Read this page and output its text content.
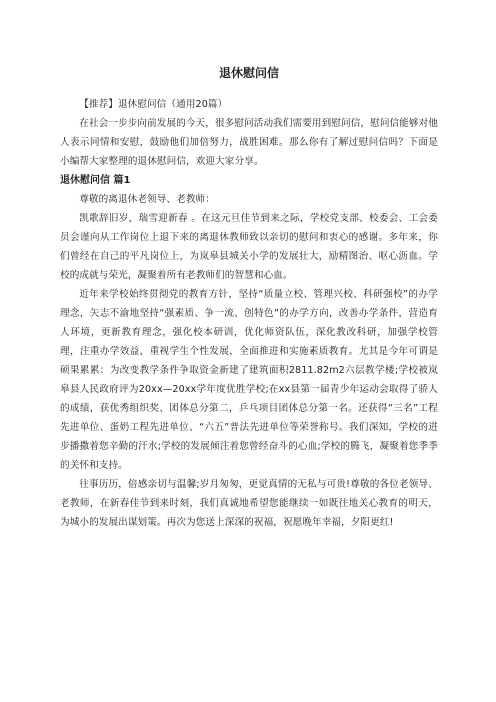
退休慰问信

【推荐】退休慰问信（通用20篇）

在社会一步步向前发展的今天，很多慰问活动我们需要用到慰问信，慰问信能够对他人表示同情和安慰，鼓励他们加倍努力，战胜困难。那么你有了解过慰问信吗？下面是小编帮大家整理的退休慰问信，欢迎大家分享。

退休慰问信 篇1

尊敬的离退休老领导、老教师：

凯歌辞旧岁，瑞雪迎新春 。在这元旦佳节到来之际，学校党支部、校委会、工会委员会谨向从工作岗位上退下来的离退休教师致以亲切的慰问和衷心的感谢。多年来，你们曾经在自己的平凡岗位上，为岚皋县城关小学的发展壮大，励精图治、呕心沥血。学校的成就与荣光，凝聚着所有老教师们的智慧和心血。

近年来学校始终贯彻党的教育方针，坚持“质量立校、管理兴校、科研强校”的办学理念，矢志不渝地坚持“强素质、争一流、创特色”的办学方向，改善办学条件，营造育人环境，更新教育理念，强化校本研训，优化师资队伍，深化教改科研，加强学校管理，注重办学效益，重视学生个性发展，全面推进和实施素质教育。尤其是今年可谓是硕果累累：为改变教学条件争取资金新建了建筑面积2811.82m2六层教学楼;学校被岚皋县人民政府评为20xx—20xx学年度优胜学校;在xx县第一届青少年运动会取得了骄人的成绩，获优秀组织奖、团体总分第二，乒乓项目团体总分第一名。还获得“三名”工程先进单位、蛋奶工程先进单位、“六五”普法先进单位等荣誉称号。我们深知，学校的进步播撒着您辛勤的汗水;学校的发展倾注着您曾经奋斗的心血;学校的腾飞，凝聚着您季季的关怀和支持。

往事历历，倍感亲切与温馨;岁月匆匆，更觉真情的无私与可贵!尊敬的各位老领导、老教师，在新春佳节到来时刻，我们真诚地希望您能继续一如既往地关心教育的明天，为城小的发展出谋划策。再次为您送上深深的祝福，祝愿晚年幸福，夕阳更红!
